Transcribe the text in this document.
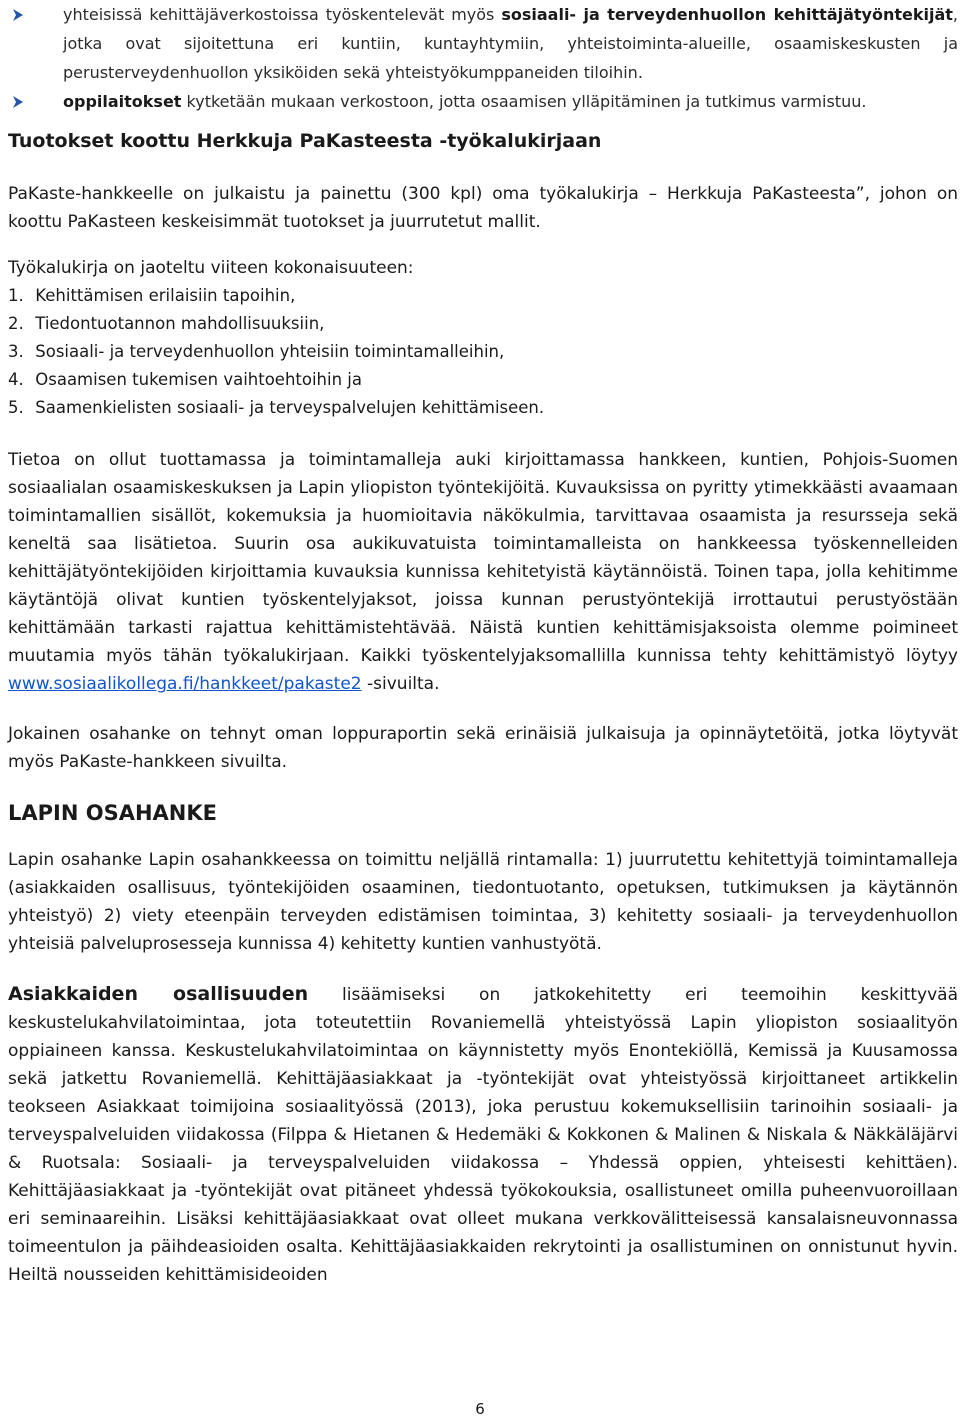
yhteisissä kehittäjäverkostoissa työskentelevät myös sosiaali- ja terveydenhuollon kehittäjätyöntekijät, jotka ovat sijoitettuna eri kuntiin, kuntayhtymiin, yhteistoiminta-alueille, osaamiskeskusten ja perusterveydenhuollon yksiköiden sekä yhteistyökumppaneiden tiloihin.
oppilaitokset kytketään mukaan verkostoon, jotta osaamisen ylläpitäminen ja tutkimus varmistuu.
Tuotokset koottu Herkkuja PaKasteesta -työkalukirjaan

PaKaste-hankkeelle on julkaistu ja painettu (300 kpl) oma työkalukirja – Herkkuja PaKasteesta”, johon on koottu PaKasteen keskeisimmät tuotokset ja juurrutetut mallit.

Työkalukirja on jaoteltu viiteen kokonaisuuteen:

1. Kehittämisen erilaisiin tapoihin,
2. Tiedontuotannon mahdollisuuksiin,
3. Sosiaali- ja terveydenhuollon yhteisiin toimintamalleihin,
4. Osaamisen tukemisen vaihtoehtoihin ja
5. Saamenkielisten sosiaali- ja terveyspalvelujen kehittämiseen.

Tietoa on ollut tuottamassa ja toimintamalleja auki kirjoittamassa hankkeen, kuntien, Pohjois-Suomen sosiaalialan osaamiskeskuksen ja Lapin yliopiston työntekijöitä. Kuvauksissa on pyritty ytimekkäästi avaamaan toimintamallien sisällöt, kokemuksia ja huomioitavia näkökulmia, tarvittavaa osaamista ja resursseja sekä keneltä saa lisätietoa. Suurin osa aukikuvatuista toimintamalleista on hankkeessa työskennelleiden kehittäjätyöntekijöiden kirjoittamia kuvauksia kunnissa kehitetyistä käytännöistä. Toinen tapa, jolla kehitimme käytäntöjä olivat kuntien työskentelyjaksot, joissa kunnan perustyöntekijä irrottautui perustyöstään kehittämään tarkasti rajattua kehittämistehtävää. Näistä kuntien kehittämisjaksoista olemme poimineet muutamia myös tähän työkalukirjaan. Kaikki työskentelyjaksomallilla kunnissa tehty kehittämistyö löytyy

www.sosiaalikollega.fi/hankkeet/pakaste2 -sivuilta.

Jokainen osahanke on tehnyt oman loppuraportin sekä erinäisiä julkaisuja ja opinnäytetöitä, jotka löytyvät myös PaKaste-hankkeen sivuilta.

LAPIN OSAHANKE

Lapin osahanke Lapin osahankkeessa on toimittu neljällä rintamalla: 1) juurrutettu kehitettyjä toimintamalleja (asiakkaiden osallisuus, työntekijöiden osaaminen, tiedontuotanto, opetuksen, tutkimuksen ja käytännön yhteistyö) 2) viety eteenpäin terveyden edistämisen toimintaa, 3) kehitetty sosiaali- ja terveydenhuollon yhteisiä palveluprosesseja kunnissa 4) kehitetty kuntien vanhustyötä.

Asiakkaiden osallisuuden lisäämiseksi on jatkokehitetty eri teemoihin keskittyvää keskustelukahvilatoimintaa, jota toteutettiin Rovaniemellä yhteistyössä Lapin yliopiston sosiaalityön oppiaineen kanssa. Keskustelukahvilatoimintaa on käynnistetty myös Enontekiöllä, Kemissä ja Kuusamossa sekä jatkettu Rovaniemellä. Kehittäjäasiakkaat ja -työntekijät ovat yhteistyössä kirjoittaneet artikkelin teokseen Asiakkaat toimijoina sosiaalityössä (2013), joka perustuu kokemuksellisiin tarinoihin sosiaali- ja terveyspalveluiden viidakossa (Filppa & Hietanen & Hedemäki & Kokkonen & Malinen & Niskala & Näkkäläjärvi & Ruotsala: Sosiaali- ja terveyspalveluiden viidakossa – Yhdessä oppien, yhteisesti kehittäen). Kehittäjäasiakkaat ja -työntekijät ovat pitäneet yhdessä työkokouksia, osallistuneet omilla puheenvuoroillaan eri seminaareihin. Lisäksi kehittäjäasiakkaat ovat olleet mukana verkkovälitteisessä kansalaisneuvonnassa toimeentulon ja päihdeasioiden osalta. Kehittäjäasiakkaiden rekrytointi ja osallistuminen on onnistunut hyvin. Heiltä nousseiden kehittämisideoiden

6
